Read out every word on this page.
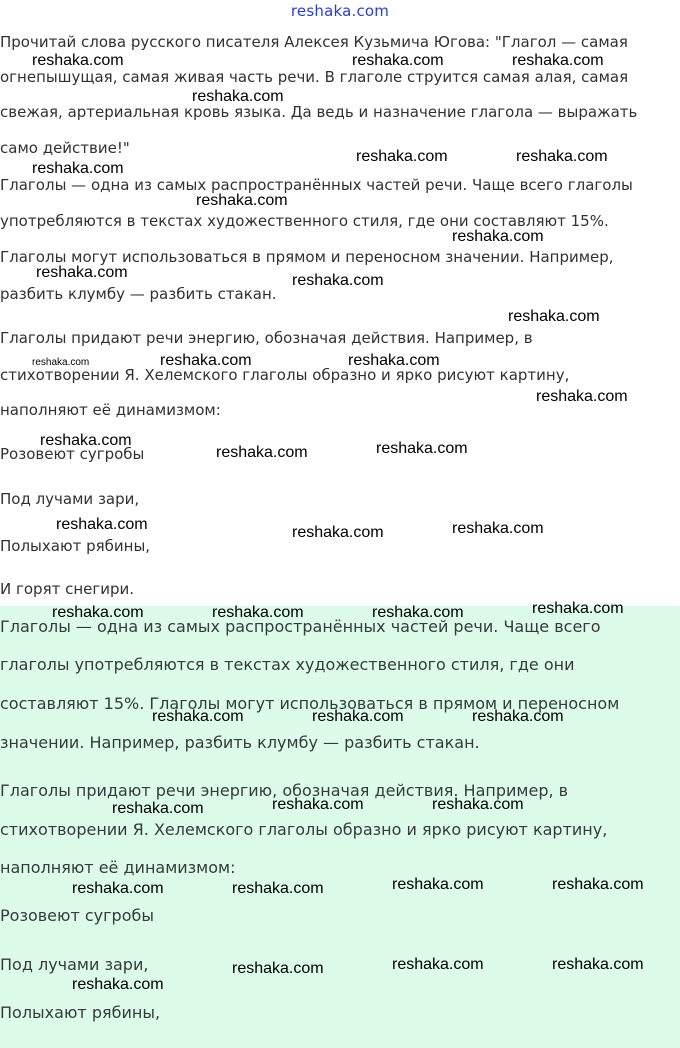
reshaka.com

Прочитай слова русского писателя Алексея Кузьмича Югова: "Глагол — самая

огнепышущая, самая живая часть речи. В глаголе струится самая алая, самая

свежая, артериальная кровь языка. Да ведь и назначение глагола — выражать

само действие!"

Глаголы — одна из самых распространённых частей речи. Чаще всего глаголы

употребляются в текстах художественного стиля, где они составляют 15%.

Глаголы могут использоваться в прямом и переносном значении. Например,

разбить клумбу — разбить стакан.

Глаголы придают речи энергию, обозначая действия. Например, в

стихотворении Я. Хелемского глаголы образно и ярко рисуют картину,

наполняют её динамизмом:

Розовеют сугробы

Под лучами зари,

Полыхают рябины,

И горят снегири.

Глаголы — одна из самых распространённых частей речи. Чаще всего

глаголы употребляются в текстах художественного стиля, где они

составляют 15%. Глаголы могут использоваться в прямом и переносном

значении. Например, разбить клумбу — разбить стакан.

Глаголы придают речи энергию, обозначая действия. Например, в

стихотворении Я. Хелемского глаголы образно и ярко рисуют картину,

наполняют её динамизмом:

Розовеют сугробы

Под лучами зари,

Полыхают рябины,

reshaka.com	reshaka.com	reshaka.com
reshaka.com
reshaka.com	reshaka.com
reshaka.com
reshaka.com
reshaka.com
reshaka.com	reshaka.com
reshaka.com
reshaka.com	reshaka.com	reshaka.com
reshaka.com
reshaka.com	reshaka.com
reshaka.com
reshaka.com	reshaka.com
reshaka.com
reshaka.com
reshaka.com	reshaka.com	reshaka.com
reshaka.com	reshaka.com	reshaka.com
reshaka.com	reshaka.com
reshaka.com
reshaka.com	reshaka.com
reshaka.com	reshaka.com
reshaka.com	reshaka.com
reshaka.com
reshaka.com
